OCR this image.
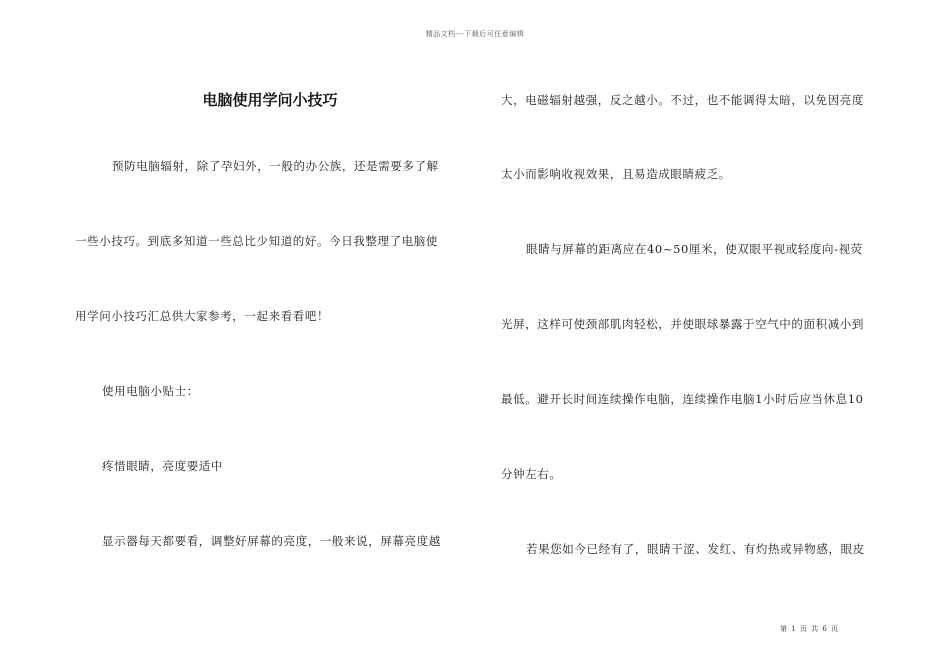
精品文档---下载后可任意编辑
电脑使用学问小技巧
预防电脑辐射，除了孕妇外，一般的办公族，还是需要多了解
一些小技巧。到底多知道一些总比少知道的好。今日我整理了电脑使
用学问小技巧汇总供大家参考，一起来看看吧！
使用电脑小贴士：
疼惜眼睛，亮度要适中
显示器每天都要看，调整好屏幕的亮度，一般来说，屏幕亮度越
大，电磁辐射越强，反之越小。不过，也不能调得太暗，以免因亮度
太小而影响收视效果，且易造成眼睛疲乏。
眼睛与屏幕的距离应在40~50厘米，使双眼平视或轻度向-视荧
光屏，这样可使颈部肌肉轻松，并使眼球暴露于空气中的面积减小到
最低。避开长时间连续操作电脑，连续操作电脑1小时后应当休息10
分钟左右。
若果您如今已经有了，眼睛干涩、发红、有灼热或异物感，眼皮
第 1 页 共 6 页
